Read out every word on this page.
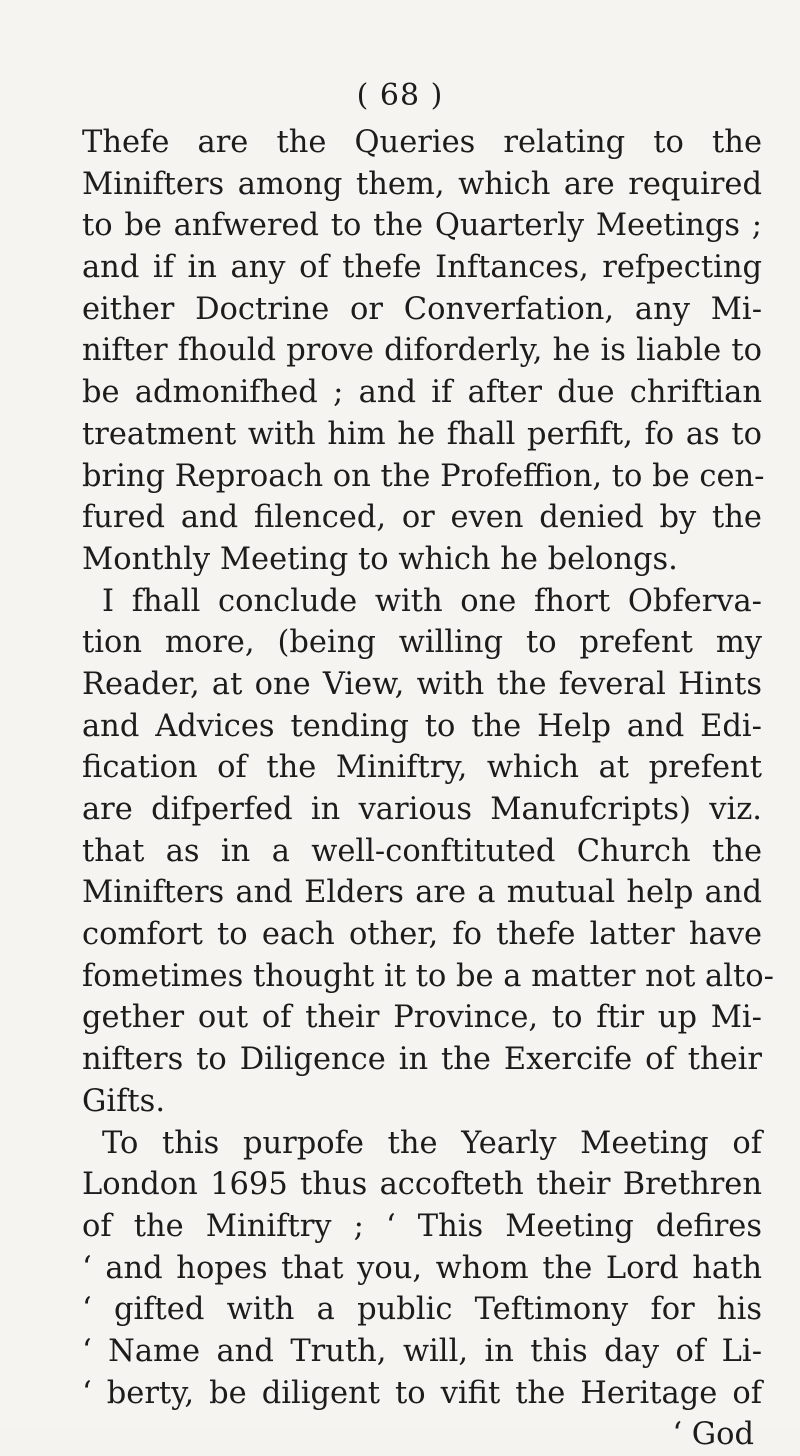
( 68 )
Thefe are the Queries relating to the
Minifters among them, which are required
to be anfwered to the Quarterly Meetings ;
and if in any of thefe Inftances, refpecting
either Doctrine or Converfation, any Mi-
nifter fhould prove diforderly, he is liable to
be admonifhed ; and if after due chriftian
treatment with him he fhall perfift, fo as to
bring Reproach on the Profeffion, to be cen-
fured and filenced, or even denied by the
Monthly Meeting to which he belongs.
I fhall conclude with one fhort Obferva-
tion more, (being willing to prefent my
Reader, at one View, with the feveral Hints
and Advices tending to the Help and Edi-
fication of the Miniftry, which at prefent
are difperfed in various Manufcripts) viz.
that as in a well-conftituted Church the
Minifters and Elders are a mutual help and
comfort to each other, fo thefe latter have
fometimes thought it to be a matter not alto-
gether out of their Province, to ftir up Mi-
nifters to Diligence in the Exercife of their
Gifts.
To this purpofe the Yearly Meeting of
London 1695 thus accofteth their Brethren
of the Miniftry ; ‘ This Meeting defires
‘ and hopes that you, whom the Lord hath
‘ gifted with a public Teftimony for his
‘ Name and Truth, will, in this day of Li-
‘ berty, be diligent to vifit the Heritage of
‘ God
